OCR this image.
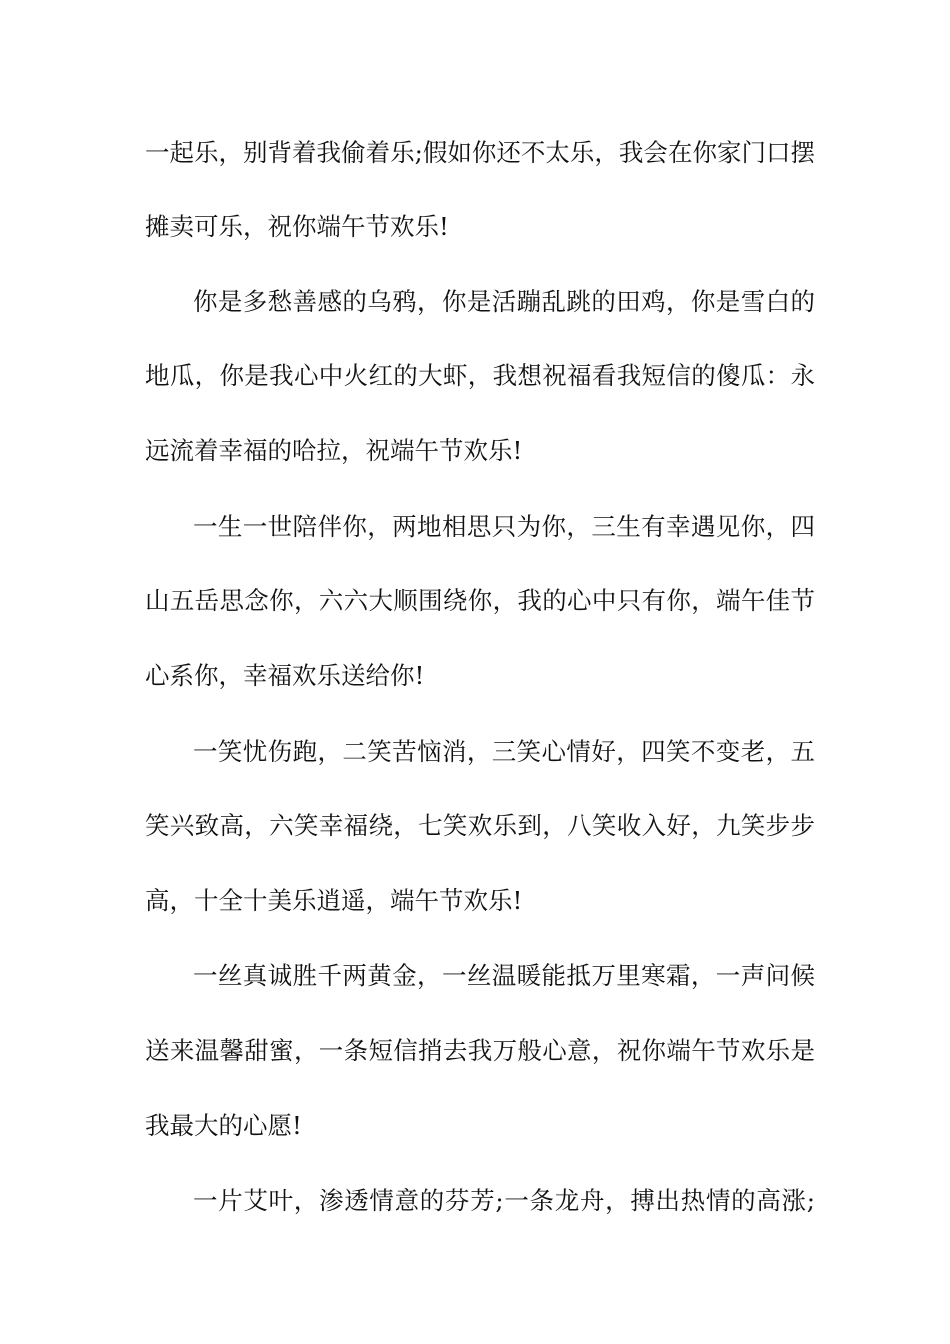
一起乐，别背着我偷着乐;假如你还不太乐，我会在你家门口摆
摊卖可乐，祝你端午节欢乐!
你是多愁善感的乌鸦，你是活蹦乱跳的田鸡，你是雪白的
地瓜，你是我心中火红的大虾，我想祝福看我短信的傻瓜：永
远流着幸福的哈拉，祝端午节欢乐!
一生一世陪伴你，两地相思只为你，三生有幸遇见你，四
山五岳思念你，六六大顺围绕你，我的心中只有你，端午佳节
心系你，幸福欢乐送给你!
一笑忧伤跑，二笑苦恼消，三笑心情好，四笑不变老，五
笑兴致高，六笑幸福绕，七笑欢乐到，八笑收入好，九笑步步
高，十全十美乐逍遥，端午节欢乐!
一丝真诚胜千两黄金，一丝温暖能抵万里寒霜，一声问候
送来温馨甜蜜，一条短信捎去我万般心意，祝你端午节欢乐是
我最大的心愿!
一片艾叶，渗透情意的芬芳;一条龙舟，搏出热情的高涨;
